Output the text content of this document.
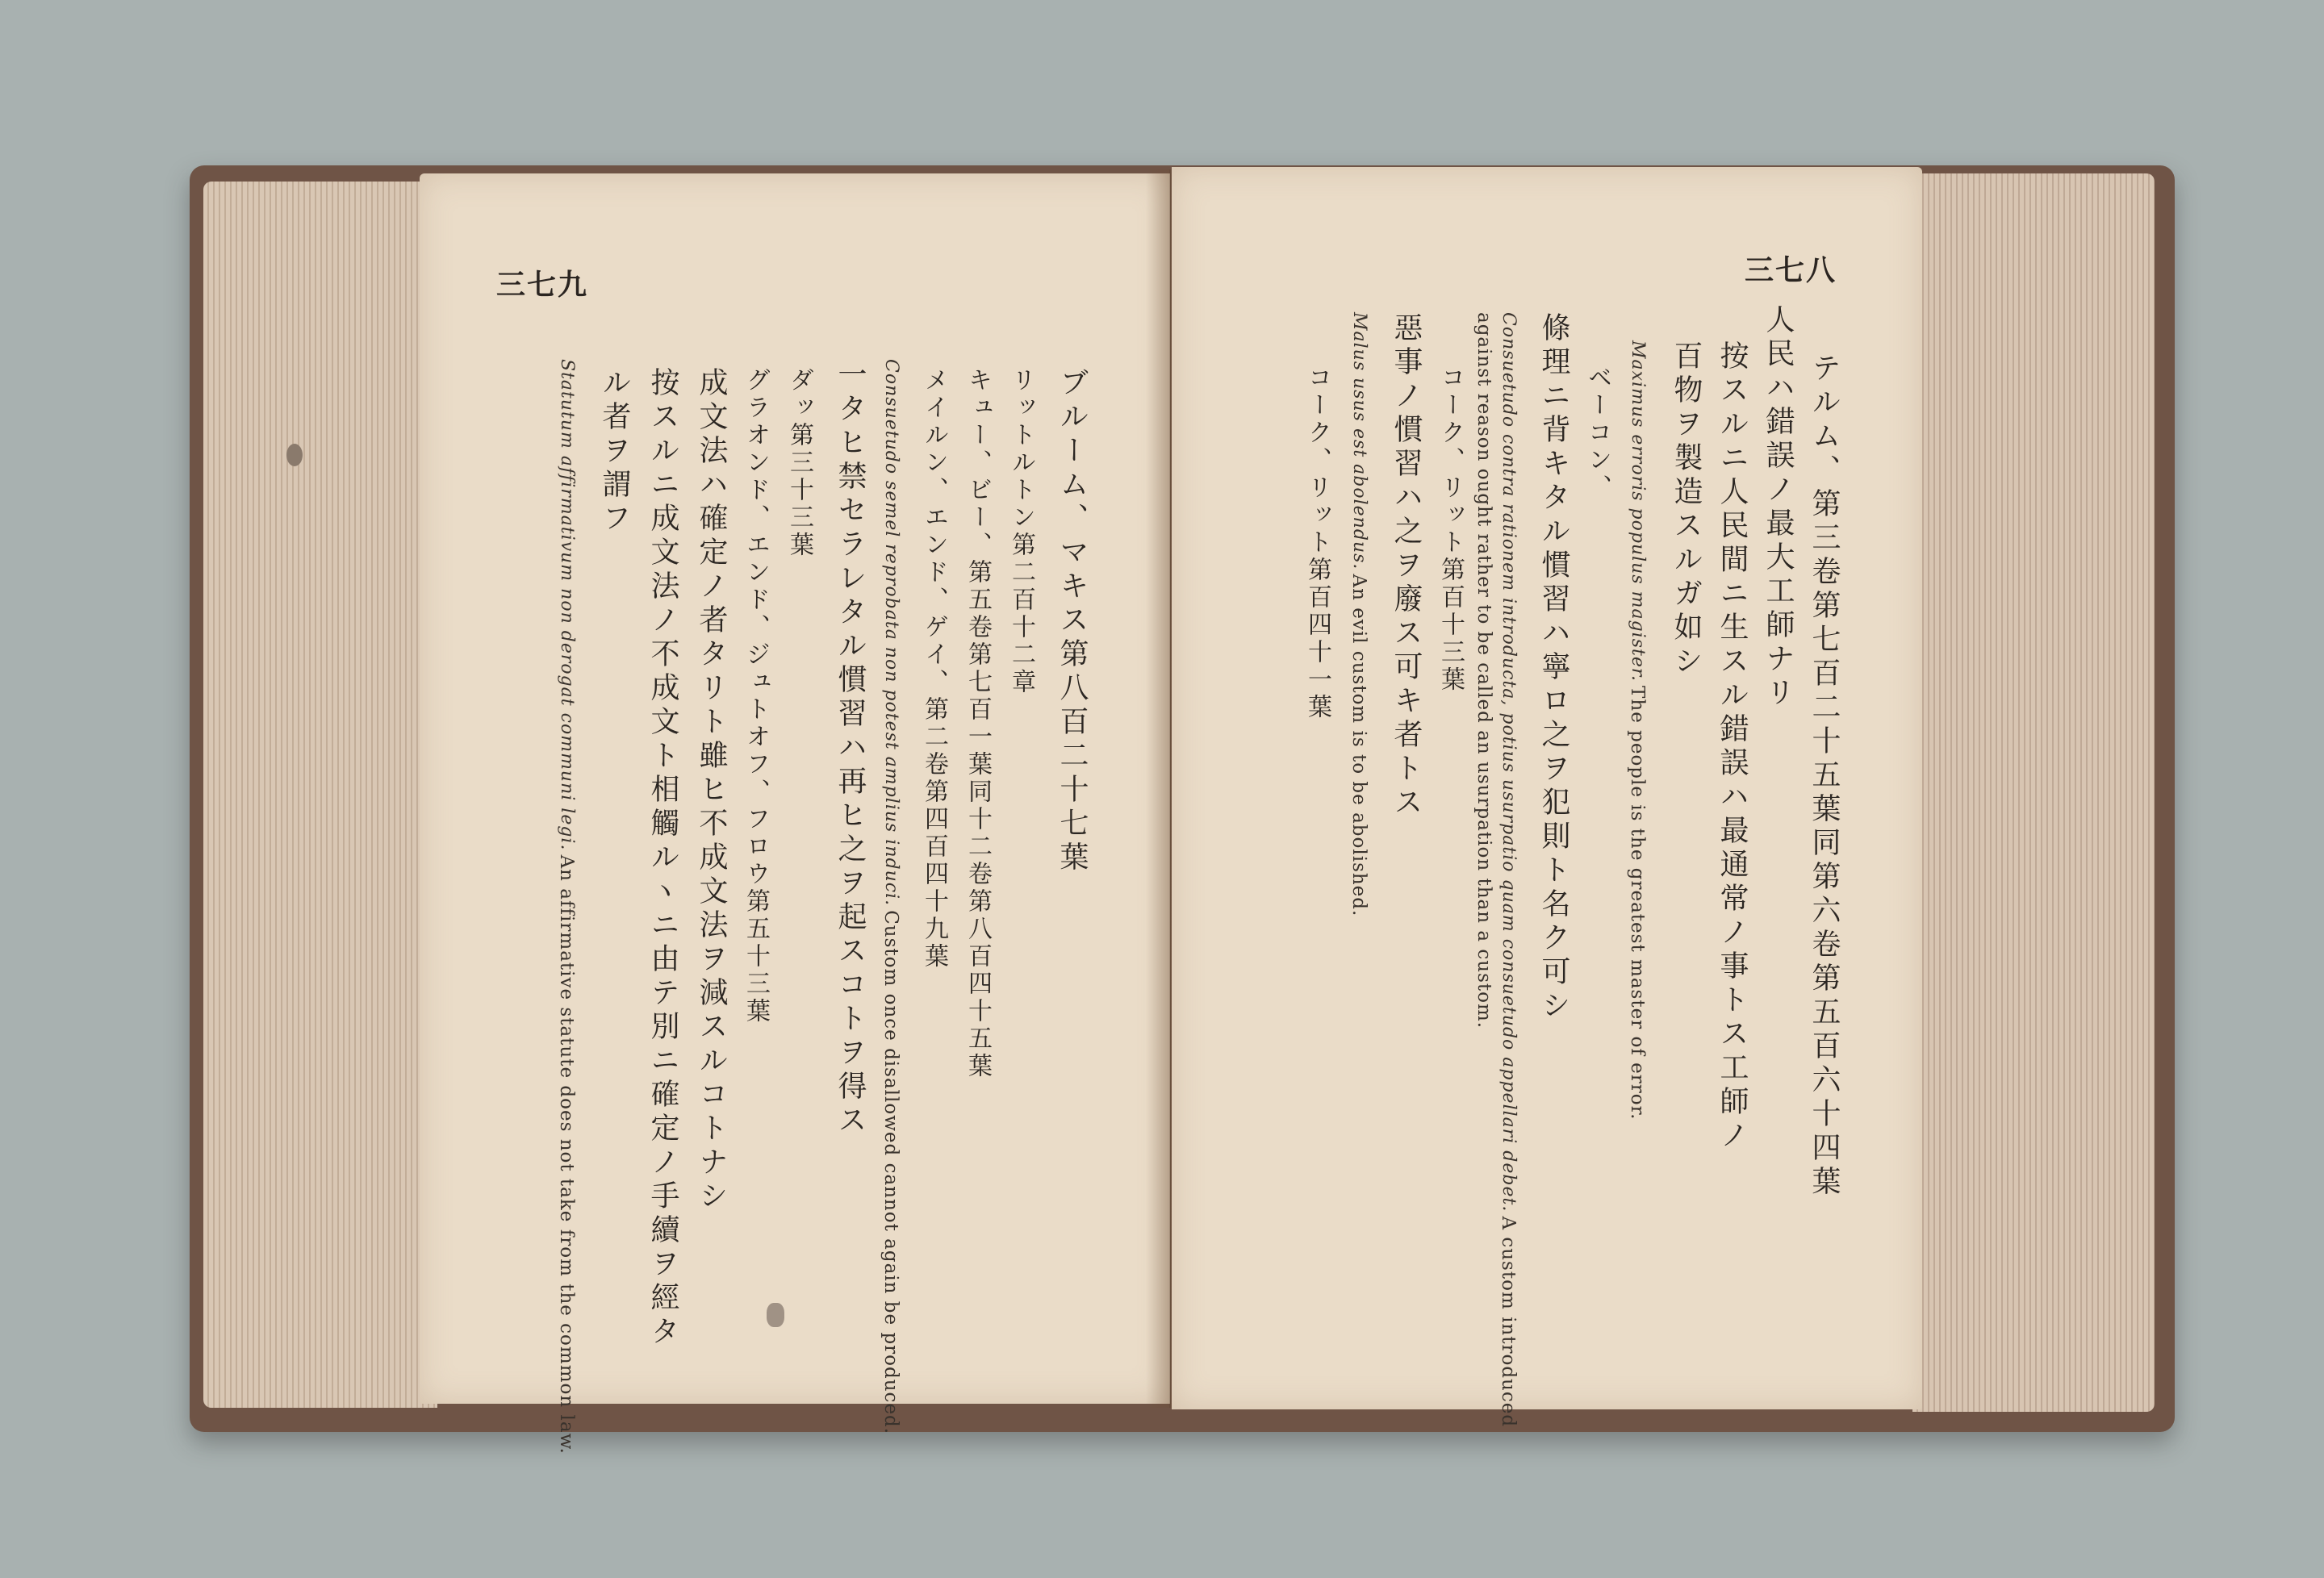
三七九
ブルーム、マキス第八百二十七葉
リットルトン第二百十二章
キュー、ビー、第五卷第七百一葉同十二卷第八百四十五葉
メイルン、エンド、ゲイ、第二卷第四百四十九葉
Consuetudo semel reprobata non potest amplius induci. Custom once disallowed cannot again be produced.
一タヒ禁セラレタル慣習ハ再ヒ之ヲ起スコトヲ得ス
ダッ第三十三葉
グラオンド、エンド、ジュトオフ、フロウ第五十三葉
成文法ハ確定ノ者タリト雖ヒ不成文法ヲ減スルコトナシ
按スルニ成文法ノ不成文ト相觸ルヽニ由テ別ニ確定ノ手續ヲ經タ
ル者ヲ謂フ
Statutum affirmativum non derogat communi legi. An affirmative statute does not take from the common law.
三七八
テルム、第三卷第七百二十五葉同第六卷第五百六十四葉
人民ハ錯誤ノ最大工師ナリ
按スルニ人民間ニ生スル錯誤ハ最通常ノ事トス工師ノ
百物ヲ製造スルガ如シ
Maximus erroris populus magister. The people is the greatest master of error.
ベーコン、
條理ニ背キタル慣習ハ寧ロ之ヲ犯則ト名ク可シ
Consuetudo contra rationem introducta, potius usurpatio quam consuetudo appellari debet. A custom introduced
against reason ought rather to be called an usurpation than a custom.
コーク、リット第百十三葉
惡事ノ慣習ハ之ヲ廢ス可キ者トス
Malus usus est abolendus. An evil custom is to be abolished.
コーク、リット第百四十一葉
